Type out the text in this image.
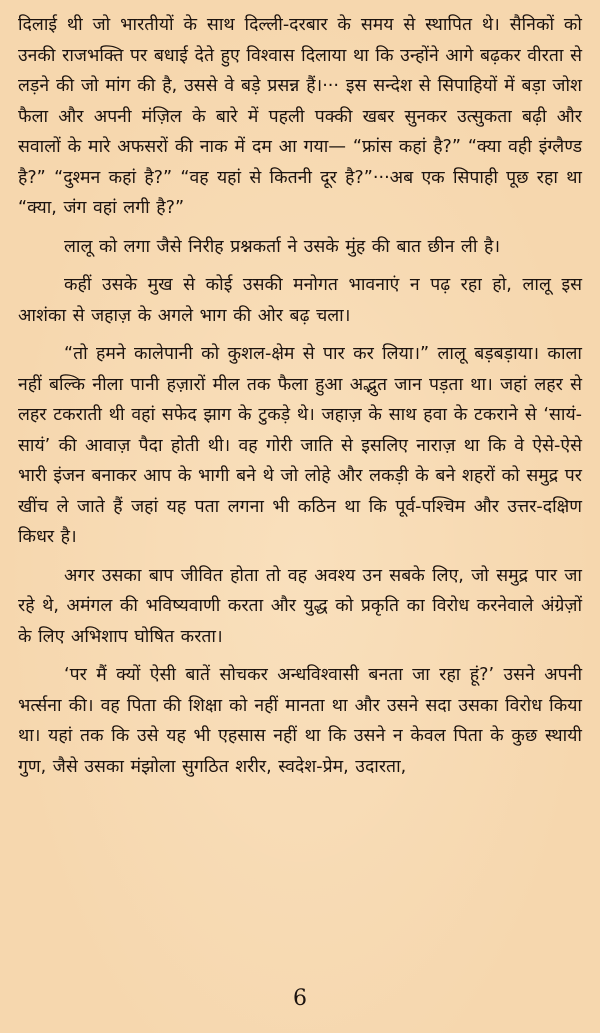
दिलाई थी जो भारतीयों के साथ दिल्ली-दरबार के समय से स्थापित थे। सैनिकों को उनकी राजभक्ति पर बधाई देते हुए विश्वास दिलाया था कि उन्होंने आगे बढ़कर वीरता से लड़ने की जो मांग की है, उससे वे बड़े प्रसन्न हैं।··· इस सन्देश से सिपाहियों में बड़ा जोश फैला और अपनी मंज़िल के बारे में पहली पक्की खबर सुनकर उत्सुकता बढ़ी और सवालों के मारे अफसरों की नाक में दम आ गया— “फ्रांस कहां है?” “क्या वही इंग्लैण्ड है?” “दुश्मन कहां है?” “वह यहां से कितनी दूर है?”···अब एक सिपाही पूछ रहा था “क्या, जंग वहां लगी है?”

लालू को लगा जैसे निरीह प्रश्नकर्ता ने उसके मुंह की बात छीन ली है।

कहीं उसके मुख से कोई उसकी मनोगत भावनाएं न पढ़ रहा हो, लालू इस आशंका से जहाज़ के अगले भाग की ओर बढ़ चला।

“तो हमने कालेपानी को कुशल-क्षेम से पार कर लिया।” लालू बड़बड़ाया। काला नहीं बल्कि नीला पानी हज़ारों मील तक फैला हुआ अद्भुत जान पड़ता था। जहां लहर से लहर टकराती थी वहां सफेद झाग के टुकड़े थे। जहाज़ के साथ हवा के टकराने से ‘सायं-सायं’ की आवाज़ पैदा होती थी। वह गोरी जाति से इसलिए नाराज़ था कि वे ऐसे-ऐसे भारी इंजन बनाकर आप के भागी बने थे जो लोहे और लकड़ी के बने शहरों को समुद्र पर खींच ले जाते हैं जहां यह पता लगना भी कठिन था कि पूर्व-पश्चिम और उत्तर-दक्षिण किधर है।

अगर उसका बाप जीवित होता तो वह अवश्य उन सबके लिए, जो समुद्र पार जा रहे थे, अमंगल की भविष्यवाणी करता और युद्ध को प्रकृति का विरोध करनेवाले अंग्रेज़ों के लिए अभिशाप घोषित करता।

‘पर मैं क्यों ऐसी बातें सोचकर अन्धविश्वासी बनता जा रहा हूं?’ उसने अपनी भर्त्सना की। वह पिता की शिक्षा को नहीं मानता था और उसने सदा उसका विरोध किया था। यहां तक कि उसे यह भी एहसास नहीं था कि उसने न केवल पिता के कुछ स्थायी गुण, जैसे उसका मंझोला सुगठित शरीर, स्वदेश-प्रेम, उदारता,

6
